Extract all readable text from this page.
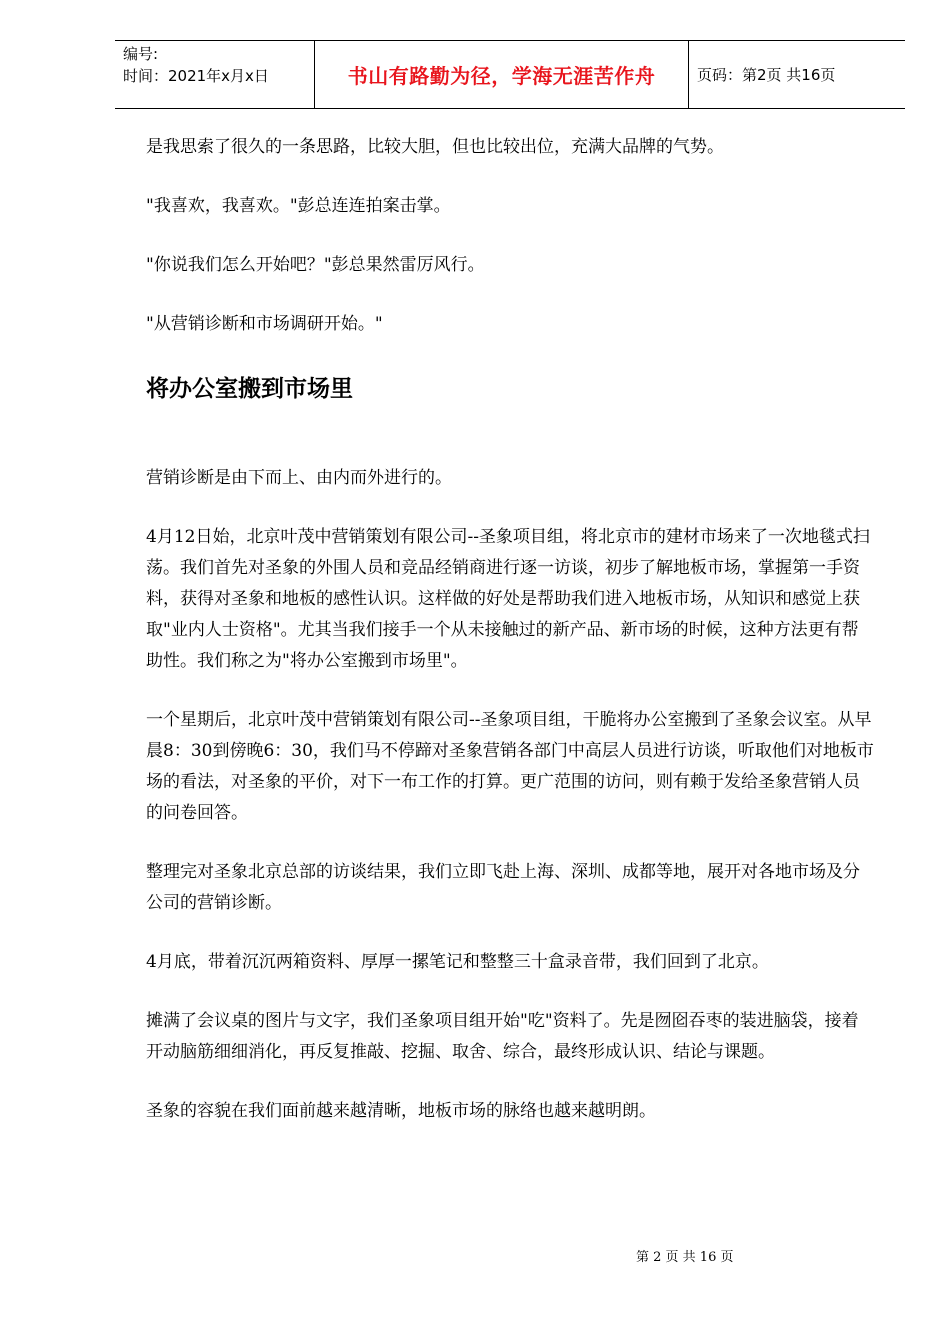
编号:
时间：2021年x月x日	书山有路勤为径，学海无涯苦作舟	页码：第2页 共16页

是我思索了很久的一条思路，比较大胆，但也比较出位，充满大品牌的气势。

"我喜欢，我喜欢。"彭总连连拍案击掌。

"你说我们怎么开始吧？"彭总果然雷厉风行。

"从营销诊断和市场调研开始。"

将办公室搬到市场里

营销诊断是由下而上、由内而外进行的。

4月12日始，北京叶茂中营销策划有限公司--圣象项目组，将北京市的建材市场来了一次地毯式扫荡。我们首先对圣象的外围人员和竞品经销商进行逐一访谈，初步了解地板市场，掌握第一手资料，获得对圣象和地板的感性认识。这样做的好处是帮助我们进入地板市场，从知识和感觉上获取"业内人士资格"。尤其当我们接手一个从未接触过的新产品、新市场的时候，这种方法更有帮助性。我们称之为"将办公室搬到市场里"。

一个星期后，北京叶茂中营销策划有限公司--圣象项目组，干脆将办公室搬到了圣象会议室。从早晨8：30到傍晚6：30，我们马不停蹄对圣象营销各部门中高层人员进行访谈，听取他们对地板市场的看法，对圣象的平价，对下一布工作的打算。更广范围的访问，则有赖于发给圣象营销人员的问卷回答。

整理完对圣象北京总部的访谈结果，我们立即飞赴上海、深圳、成都等地，展开对各地市场及分公司的营销诊断。

4月底，带着沉沉两箱资料、厚厚一摞笔记和整整三十盒录音带，我们回到了北京。

摊满了会议桌的图片与文字，我们圣象项目组开始"吃"资料了。先是囫囵吞枣的装进脑袋，接着开动脑筋细细消化，再反复推敲、挖掘、取舍、综合，最终形成认识、结论与课题。

圣象的容貌在我们面前越来越清晰，地板市场的脉络也越来越明朗。

第 2 页 共 16 页
